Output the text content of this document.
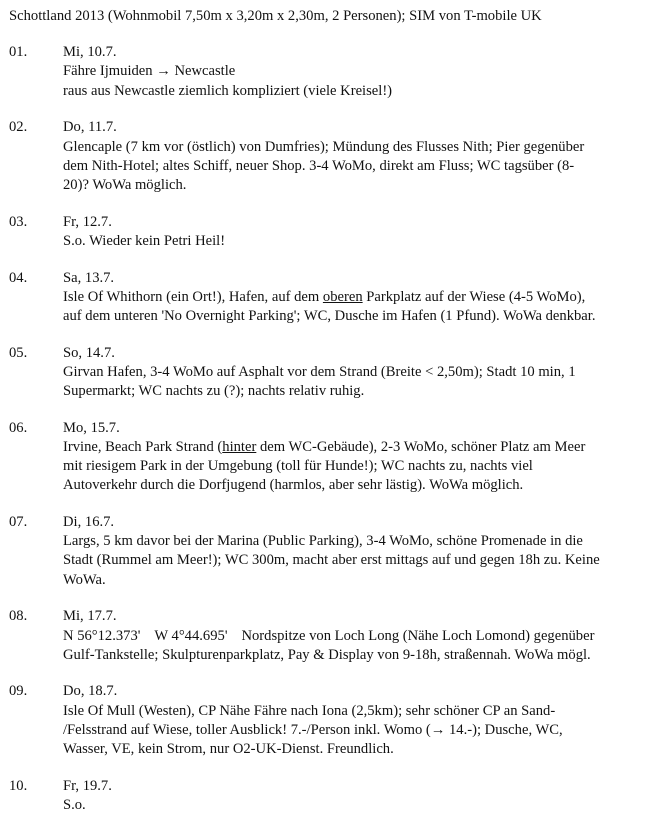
Schottland 2013 (Wohnmobil 7,50m x 3,20m x 2,30m, 2 Personen); SIM von T-mobile UK
01.	Mi, 10.7.
Fähre Ijmuiden → Newcastle
raus aus Newcastle ziemlich kompliziert (viele Kreisel!)
02.	Do, 11.7.
Glencaple (7 km vor (östlich) von Dumfries); Mündung des Flusses Nith; Pier gegenüber
dem Nith-Hotel; altes Schiff, neuer Shop. 3-4 WoMo, direkt am Fluss; WC tagsüber (8-
20)? WoWa möglich.
03.	Fr, 12.7.
S.o. Wieder kein Petri Heil!
04.	Sa, 13.7.
Isle Of Whithorn (ein Ort!), Hafen, auf dem oberen Parkplatz auf der Wiese (4-5 WoMo),
auf dem unteren 'No Overnight Parking'; WC, Dusche im Hafen (1 Pfund). WoWa denkbar.
05.	So, 14.7.
Girvan Hafen, 3-4 WoMo auf Asphalt vor dem Strand (Breite < 2,50m); Stadt 10 min, 1
Supermarkt; WC nachts zu (?); nachts relativ ruhig.
06.	Mo, 15.7.
Irvine, Beach Park Strand (hinter dem WC-Gebäude), 2-3 WoMo, schöner Platz am Meer
mit riesigem Park in der Umgebung (toll für Hunde!); WC nachts zu, nachts viel
Autoverkehr durch die Dorfjugend (harmlos, aber sehr lästig). WoWa möglich.
07.	Di, 16.7.
Largs, 5 km davor bei der Marina (Public Parking), 3-4 WoMo, schöne Promenade in die
Stadt (Rummel am Meer!); WC 300m, macht aber erst mittags auf und gegen 18h zu. Keine
WoWa.
08.	Mi, 17.7.
N 56°12.373' W 4°44.695' Nordspitze von Loch Long (Nähe Loch Lomond) gegenüber
Gulf-Tankstelle; Skulpturenparkplatz, Pay & Display von 9-18h, straßennah. WoWa mögl.
09.	Do, 18.7.
Isle Of Mull (Westen), CP Nähe Fähre nach Iona (2,5km); sehr schöner CP an Sand-
/Felsstrand auf Wiese, toller Ausblick! 7.-/Person inkl. Womo (→ 14.-); Dusche, WC,
Wasser, VE, kein Strom, nur O2-UK-Dienst. Freundlich.
10.	Fr, 19.7.
S.o.
